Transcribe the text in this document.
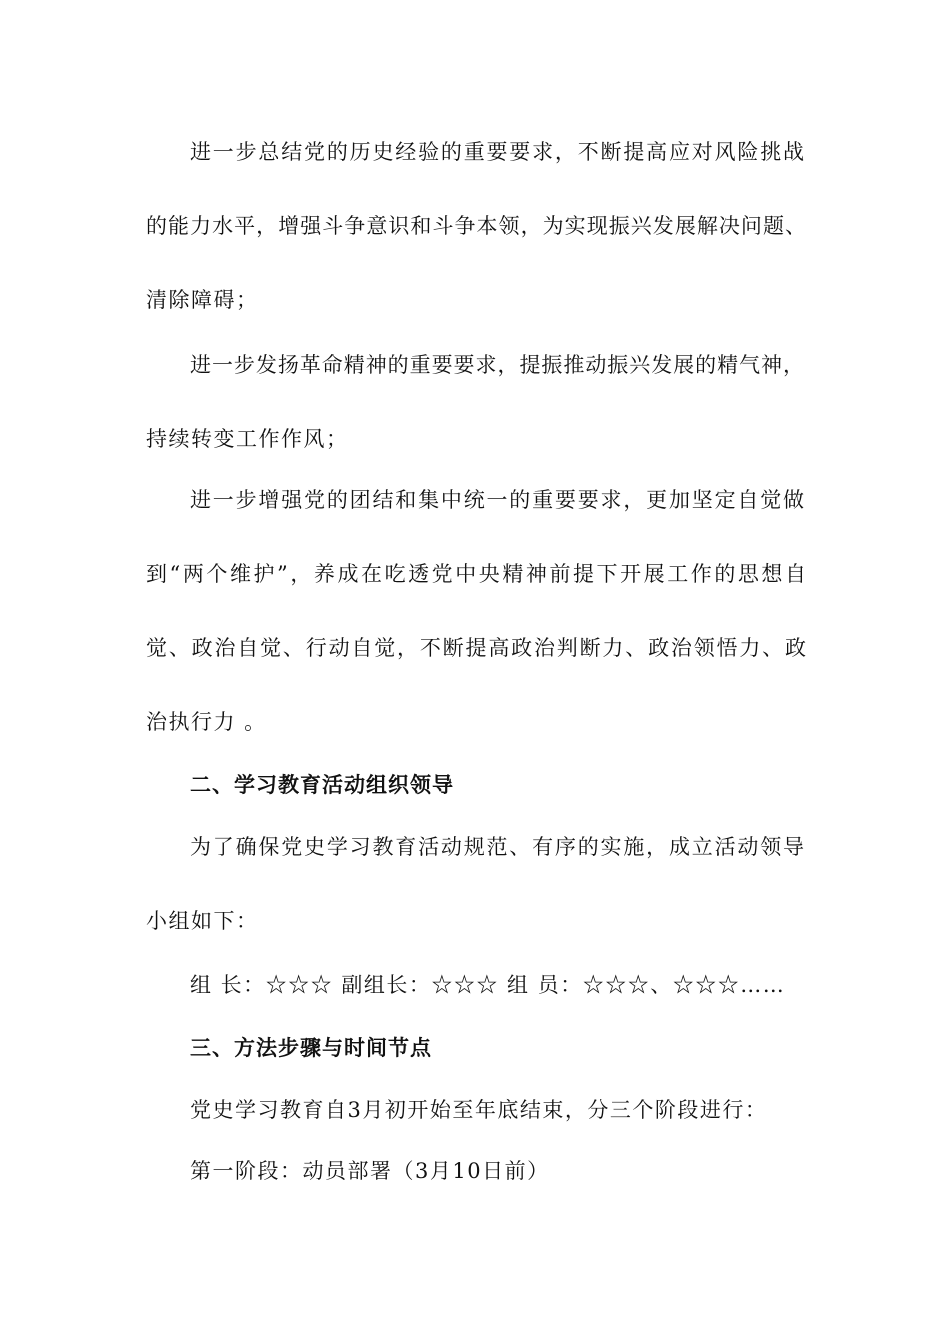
进一步总结党的历史经验的重要要求，不断提高应对风险挑战

的能力水平，增强斗争意识和斗争本领，为实现振兴发展解决问题、

清除障碍；

进一步发扬革命精神的重要要求，提振推动振兴发展的精气神，

持续转变工作作风；

进一步增强党的团结和集中统一的重要要求，更加坚定自觉做

到“两个维护”，养成在吃透党中央精神前提下开展工作的思想自

觉、政治自觉、行动自觉，不断提高政治判断力、政治领悟力、政

治执行力 。

二、学习教育活动组织领导

为了确保党史学习教育活动规范、有序的实施，成立活动领导

小组如下：

组 长：☆☆☆ 副组长：☆☆☆ 组 员：☆☆☆、☆☆☆……

三、方法步骤与时间节点

党史学习教育自3月初开始至年底结束，分三个阶段进行：

第一阶段：动员部署（3月10日前）
